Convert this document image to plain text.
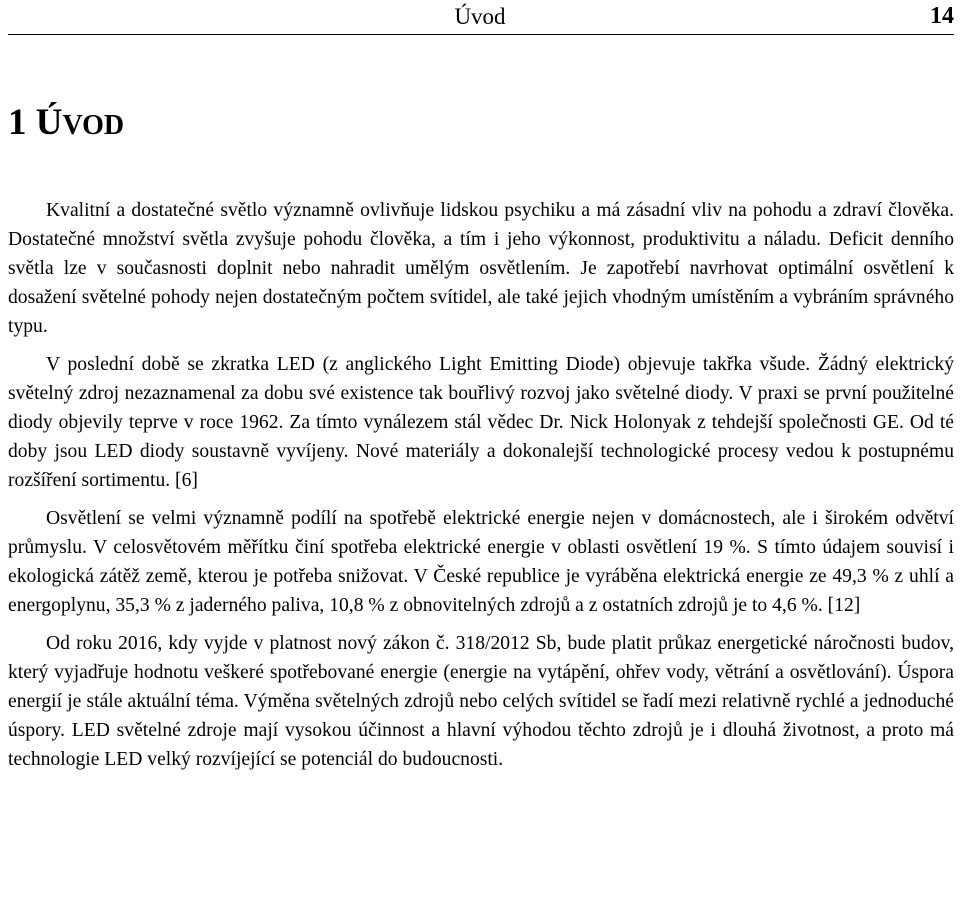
Úvod	14
1 ÚVOD

Kvalitní a dostatečné světlo významně ovlivňuje lidskou psychiku a má zásadní vliv na pohodu a zdraví člověka. Dostatečné množství světla zvyšuje pohodu člověka, a tím i jeho výkonnost, produktivitu a náladu. Deficit denního světla lze v současnosti doplnit nebo nahradit umělým osvětlením. Je zapotřebí navrhovat optimální osvětlení k dosažení světelné pohody nejen dostatečným počtem svítidel, ale také jejich vhodným umístěním a vybráním správného typu.

V poslední době se zkratka LED (z anglického Light Emitting Diode) objevuje takřka všude. Žádný elektrický světelný zdroj nezaznamenal za dobu své existence tak bouřlivý rozvoj jako světelné diody. V praxi se první použitelné diody objevily teprve v roce 1962. Za tímto vynálezem stál vědec Dr. Nick Holonyak z tehdejší společnosti GE. Od té doby jsou LED diody soustavně vyvíjeny. Nové materiály a dokonalejší technologické procesy vedou k postupnému rozšíření sortimentu. [6]

Osvětlení se velmi významně podílí na spotřebě elektrické energie nejen v domácnostech, ale i širokém odvětví průmyslu. V celosvětovém měřítku činí spotřeba elektrické energie v oblasti osvětlení 19 %. S tímto údajem souvisí i ekologická zátěž země, kterou je potřeba snižovat. V České republice je vyráběna elektrická energie ze 49,3 % z uhlí a energoplynu, 35,3 % z jaderného paliva, 10,8 % z obnovitelných zdrojů a z ostatních zdrojů je to 4,6 %. [12]

Od roku 2016, kdy vyjde v platnost nový zákon č. 318/2012 Sb, bude platit průkaz energetické náročnosti budov, který vyjadřuje hodnotu veškeré spotřebované energie (energie na vytápění, ohřev vody, větrání a osvětlování). Úspora energií je stále aktuální téma. Výměna světelných zdrojů nebo celých svítidel se řadí mezi relativně rychlé a jednoduché úspory. LED světelné zdroje mají vysokou účinnost a hlavní výhodou těchto zdrojů je i dlouhá životnost, a proto má technologie LED velký rozvíjející se potenciál do budoucnosti.
